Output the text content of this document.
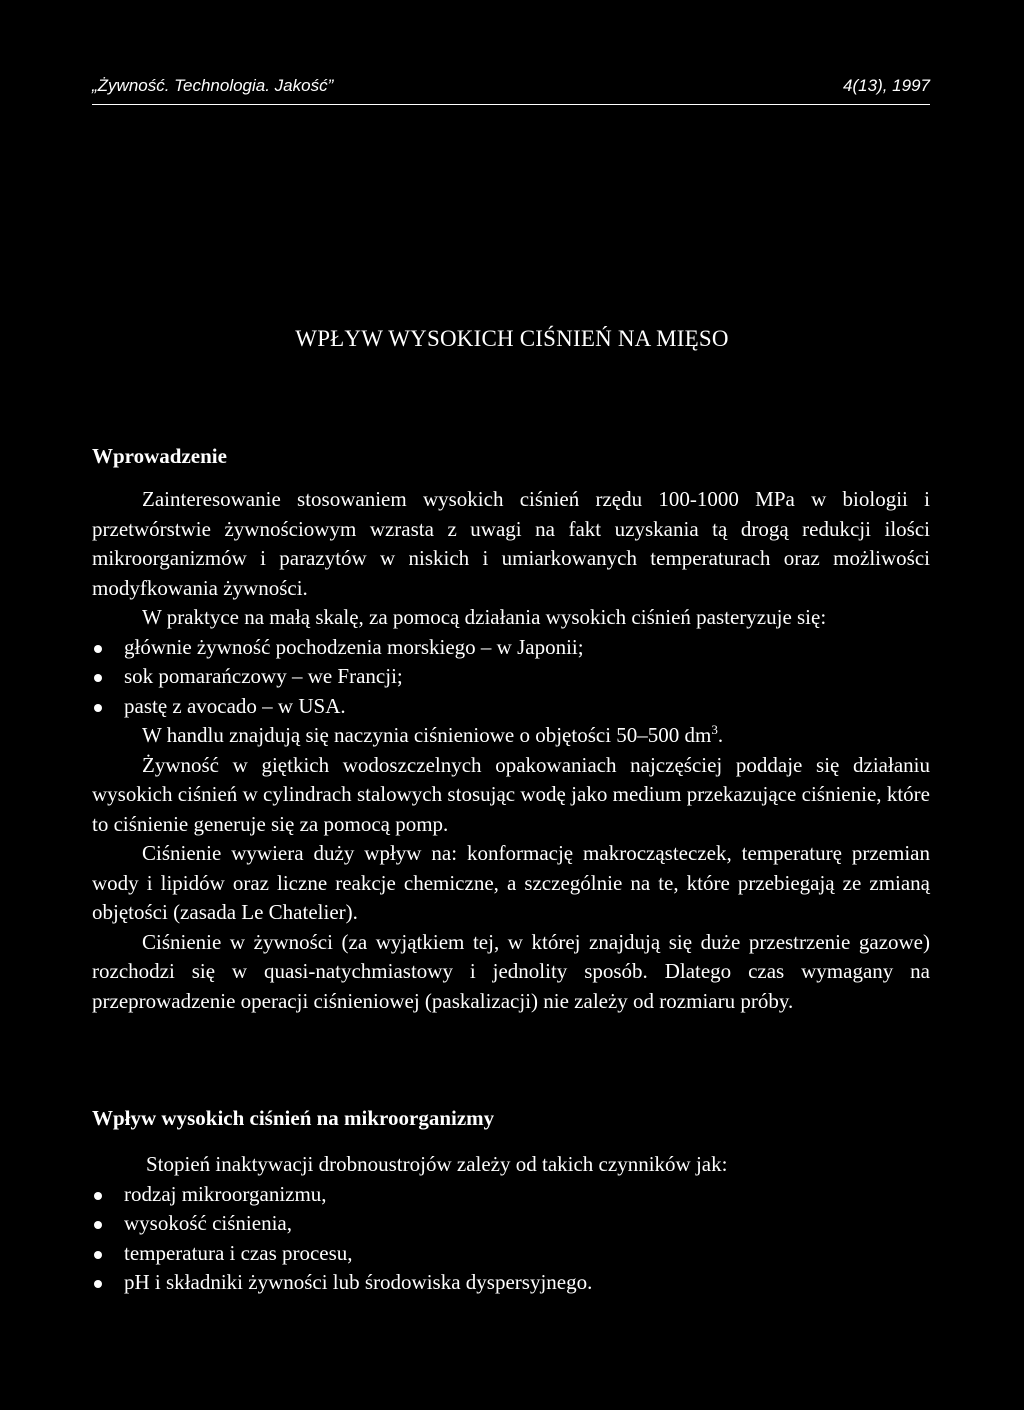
„Żywność. Technologia. Jakość”	4(13), 1997
WPŁYW WYSOKICH CIŚNIEŃ NA MIĘSO
Wprowadzenie

Zainteresowanie stosowaniem wysokich ciśnień rzędu 100-1000 MPa w biologii i przetwórstwie żywnościowym wzrasta z uwagi na fakt uzyskania tą drogą redukcji ilości mikroorganizmów i parazytów w niskich i umiarkowanych temperaturach oraz możliwości modyfkowania żywności.

W praktyce na małą skalę, za pomocą działania wysokich ciśnień pasteryzuje się:

głównie żywność pochodzenia morskiego – w Japonii;
sok pomarańczowy – we Francji;
pastę z avocado – w USA.

W handlu znajdują się naczynia ciśnieniowe o objętości 50–500 $dm^3$.

Żywność w giętkich wodoszczelnych opakowaniach najczęściej poddaje się działaniu wysokich ciśnień w cylindrach stalowych stosując wodę jako medium przekazujące ciśnienie, które to ciśnienie generuje się za pomocą pomp.

Ciśnienie wywiera duży wpływ na: konformację makrocząsteczek, temperaturę przemian wody i lipidów oraz liczne reakcje chemiczne, a szczególnie na te, które przebiegają ze zmianą objętości (zasada Le Chatelier).

Ciśnienie w żywności (za wyjątkiem tej, w której znajdują się duże przestrzenie gazowe) rozchodzi się w quasi-natychmiastowy i jednolity sposób. Dlatego czas wymagany na przeprowadzenie operacji ciśnieniowej (paskalizacji) nie zależy od rozmiaru próby.

Wpływ wysokich ciśnień na mikroorganizmy

Stopień inaktywacji drobnoustrojów zależy od takich czynników jak:

rodzaj mikroorganizmu,
wysokość ciśnienia,
temperatura i czas procesu,
pH i składniki żywności lub środowiska dyspersyjnego.
